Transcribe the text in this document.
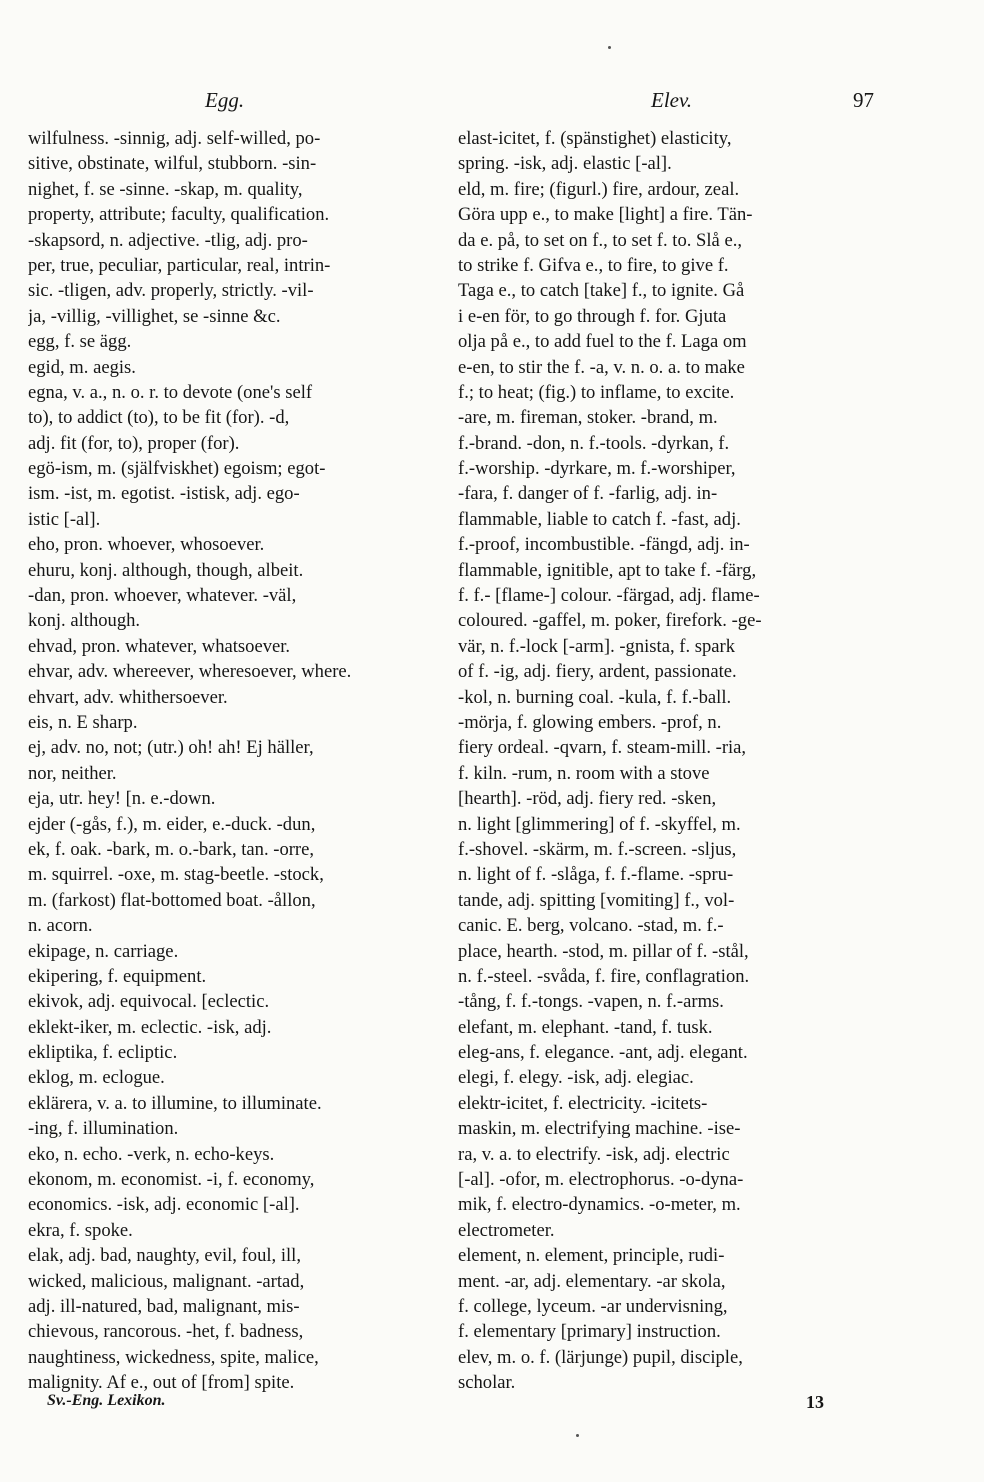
Egg.	Elev.	97
wilfulness. -sinnig, adj. self-willed, po-
sitive, obstinate, wilful, stubborn. -sin-
nighet, f. se -sinne. -skap, m. quality,
property, attribute; faculty, qualification.
-skapsord, n. adjective. -tlig, adj. pro-
per, true, peculiar, particular, real, intrin-
sic. -tligen, adv. properly, strictly. -vil-
ja, -villig, -villighet, se -sinne &c.
egg, f. se ägg.
egid, m. aegis.
egna, v. a., n. o. r. to devote (one's self
to), to addict (to), to be fit (for). -d,
adj. fit (for, to), proper (for).
egö-ism, m. (själfviskhet) egoism; egot-
ism. -ist, m. egotist. -istisk, adj. ego-
istic [-al].
eho, pron. whoever, whosoever.
ehuru, konj. although, though, albeit.
-dan, pron. whoever, whatever. -väl,
konj. although.
ehvad, pron. whatever, whatsoever.
ehvar, adv. whereever, wheresoever, where.
ehvart, adv. whithersoever.
eis, n. E sharp.
ej, adv. no, not; (utr.) oh! ah! Ej häller,
nor, neither.
eja, utr. hey! [n. e.-down.
ejder (-gås, f.), m. eider, e.-duck. -dun,
ek, f. oak. -bark, m. o.-bark, tan. -orre,
m. squirrel. -oxe, m. stag-beetle. -stock,
m. (farkost) flat-bottomed boat. -ållon,
n. acorn.
ekipage, n. carriage.
ekipering, f. equipment.
ekivok, adj. equivocal. [eclectic.
eklekt-iker, m. eclectic. -isk, adj.
ekliptika, f. ecliptic.
eklog, m. eclogue.
eklärera, v. a. to illumine, to illuminate.
-ing, f. illumination.
eko, n. echo. -verk, n. echo-keys.
ekonom, m. economist. -i, f. economy,
economics. -isk, adj. economic [-al].
ekra, f. spoke.
elak, adj. bad, naughty, evil, foul, ill,
wicked, malicious, malignant. -artad,
adj. ill-natured, bad, malignant, mis-
chievous, rancorous. -het, f. badness,
naughtiness, wickedness, spite, malice,
malignity. Af e., out of [from] spite.
elast-icitet, f. (spänstighet) elasticity,
spring. -isk, adj. elastic [-al].
eld, m. fire; (figurl.) fire, ardour, zeal.
Göra upp e., to make [light] a fire. Tän-
da e. på, to set on f., to set f. to. Slå e.,
to strike f. Gifva e., to fire, to give f.
Taga e., to catch [take] f., to ignite. Gå
i e-en för, to go through f. for. Gjuta
olja på e., to add fuel to the f. Laga om
e-en, to stir the f. -a, v. n. o. a. to make
f.; to heat; (fig.) to inflame, to excite.
-are, m. fireman, stoker. -brand, m.
f.-brand. -don, n. f.-tools. -dyrkan, f.
f.-worship. -dyrkare, m. f.-worshiper,
-fara, f. danger of f. -farlig, adj. in-
flammable, liable to catch f. -fast, adj.
f.-proof, incombustible. -fängd, adj. in-
flammable, ignitible, apt to take f. -färg,
f. f.- [flame-] colour. -färgad, adj. flame-
coloured. -gaffel, m. poker, firefork. -ge-
vär, n. f.-lock [-arm]. -gnista, f. spark
of f. -ig, adj. fiery, ardent, passionate.
-kol, n. burning coal. -kula, f. f.-ball.
-mörja, f. glowing embers. -prof, n.
fiery ordeal. -qvarn, f. steam-mill. -ria,
f. kiln. -rum, n. room with a stove
[hearth]. -röd, adj. fiery red. -sken,
n. light [glimmering] of f. -skyffel, m.
f.-shovel. -skärm, m. f.-screen. -sljus,
n. light of f. -slåga, f. f.-flame. -spru-
tande, adj. spitting [vomiting] f., vol-
canic. E. berg, volcano. -stad, m. f.-
place, hearth. -stod, m. pillar of f. -stål,
n. f.-steel. -svåda, f. fire, conflagration.
-tång, f. f.-tongs. -vapen, n. f.-arms.
elefant, m. elephant. -tand, f. tusk.
eleg-ans, f. elegance. -ant, adj. elegant.
elegi, f. elegy. -isk, adj. elegiac.
elektr-icitet, f. electricity. -icitets-
maskin, m. electrifying machine. -ise-
ra, v. a. to electrify. -isk, adj. electric
[-al]. -ofor, m. electrophorus. -o-dyna-
mik, f. electro-dynamics. -o-meter, m.
electrometer.
element, n. element, principle, rudi-
ment. -ar, adj. elementary. -ar skola,
f. college, lyceum. -ar undervisning,
f. elementary [primary] instruction.
elev, m. o. f. (lärjunge) pupil, disciple,
scholar.
Sv.-Eng. Lexikon.	13
